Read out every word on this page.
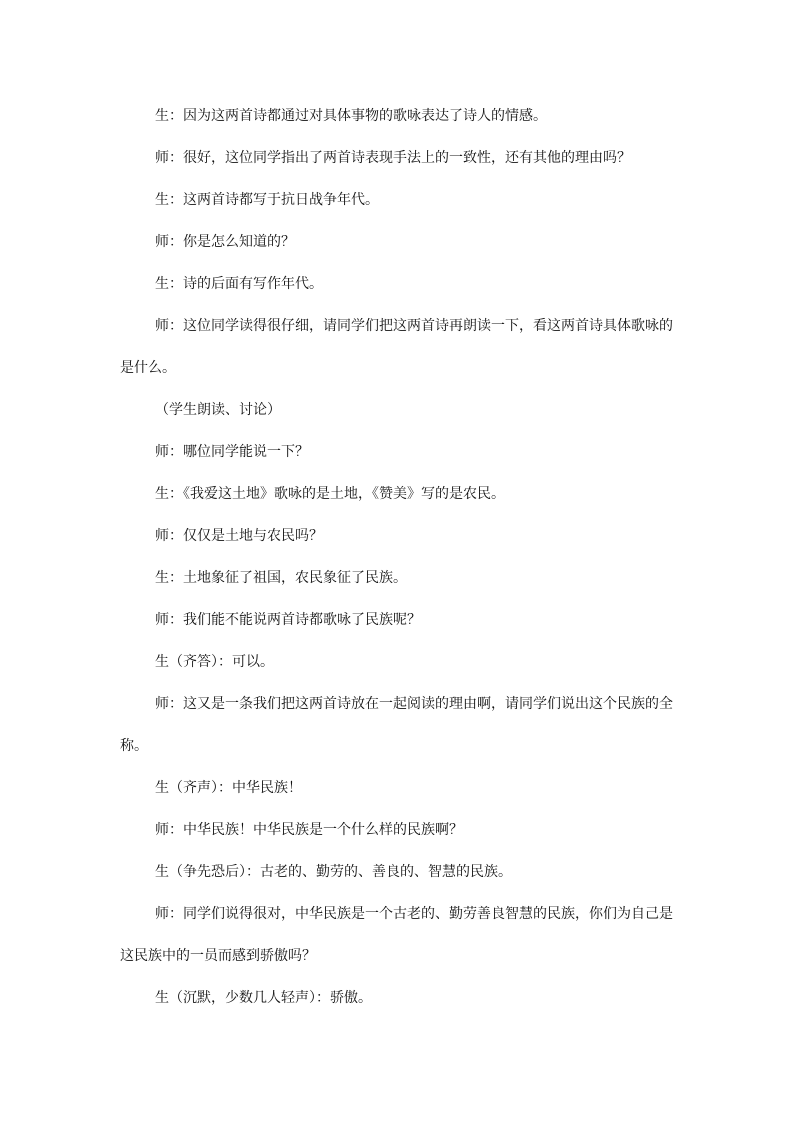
生：因为这两首诗都通过对具体事物的歌咏表达了诗人的情感。

师：很好，这位同学指出了两首诗表现手法上的一致性，还有其他的理由吗？

生：这两首诗都写于抗日战争年代。

师：你是怎么知道的？

生：诗的后面有写作年代。

师：这位同学读得很仔细，请同学们把这两首诗再朗读一下，看这两首诗具体歌咏的是什么。

（学生朗读、讨论）

师：哪位同学能说一下？

生：《我爱这土地》歌咏的是土地，《赞美》写的是农民。

师：仅仅是土地与农民吗？

生：土地象征了祖国，农民象征了民族。

师：我们能不能说两首诗都歌咏了民族呢？

生（齐答）：可以。

师：这又是一条我们把这两首诗放在一起阅读的理由啊，请同学们说出这个民族的全称。

生（齐声）：中华民族！

师：中华民族！中华民族是一个什么样的民族啊？

生（争先恐后）：古老的、勤劳的、善良的、智慧的民族。

师：同学们说得很对，中华民族是一个古老的、勤劳善良智慧的民族，你们为自己是这民族中的一员而感到骄傲吗？

生（沉默，少数几人轻声）：骄傲。
